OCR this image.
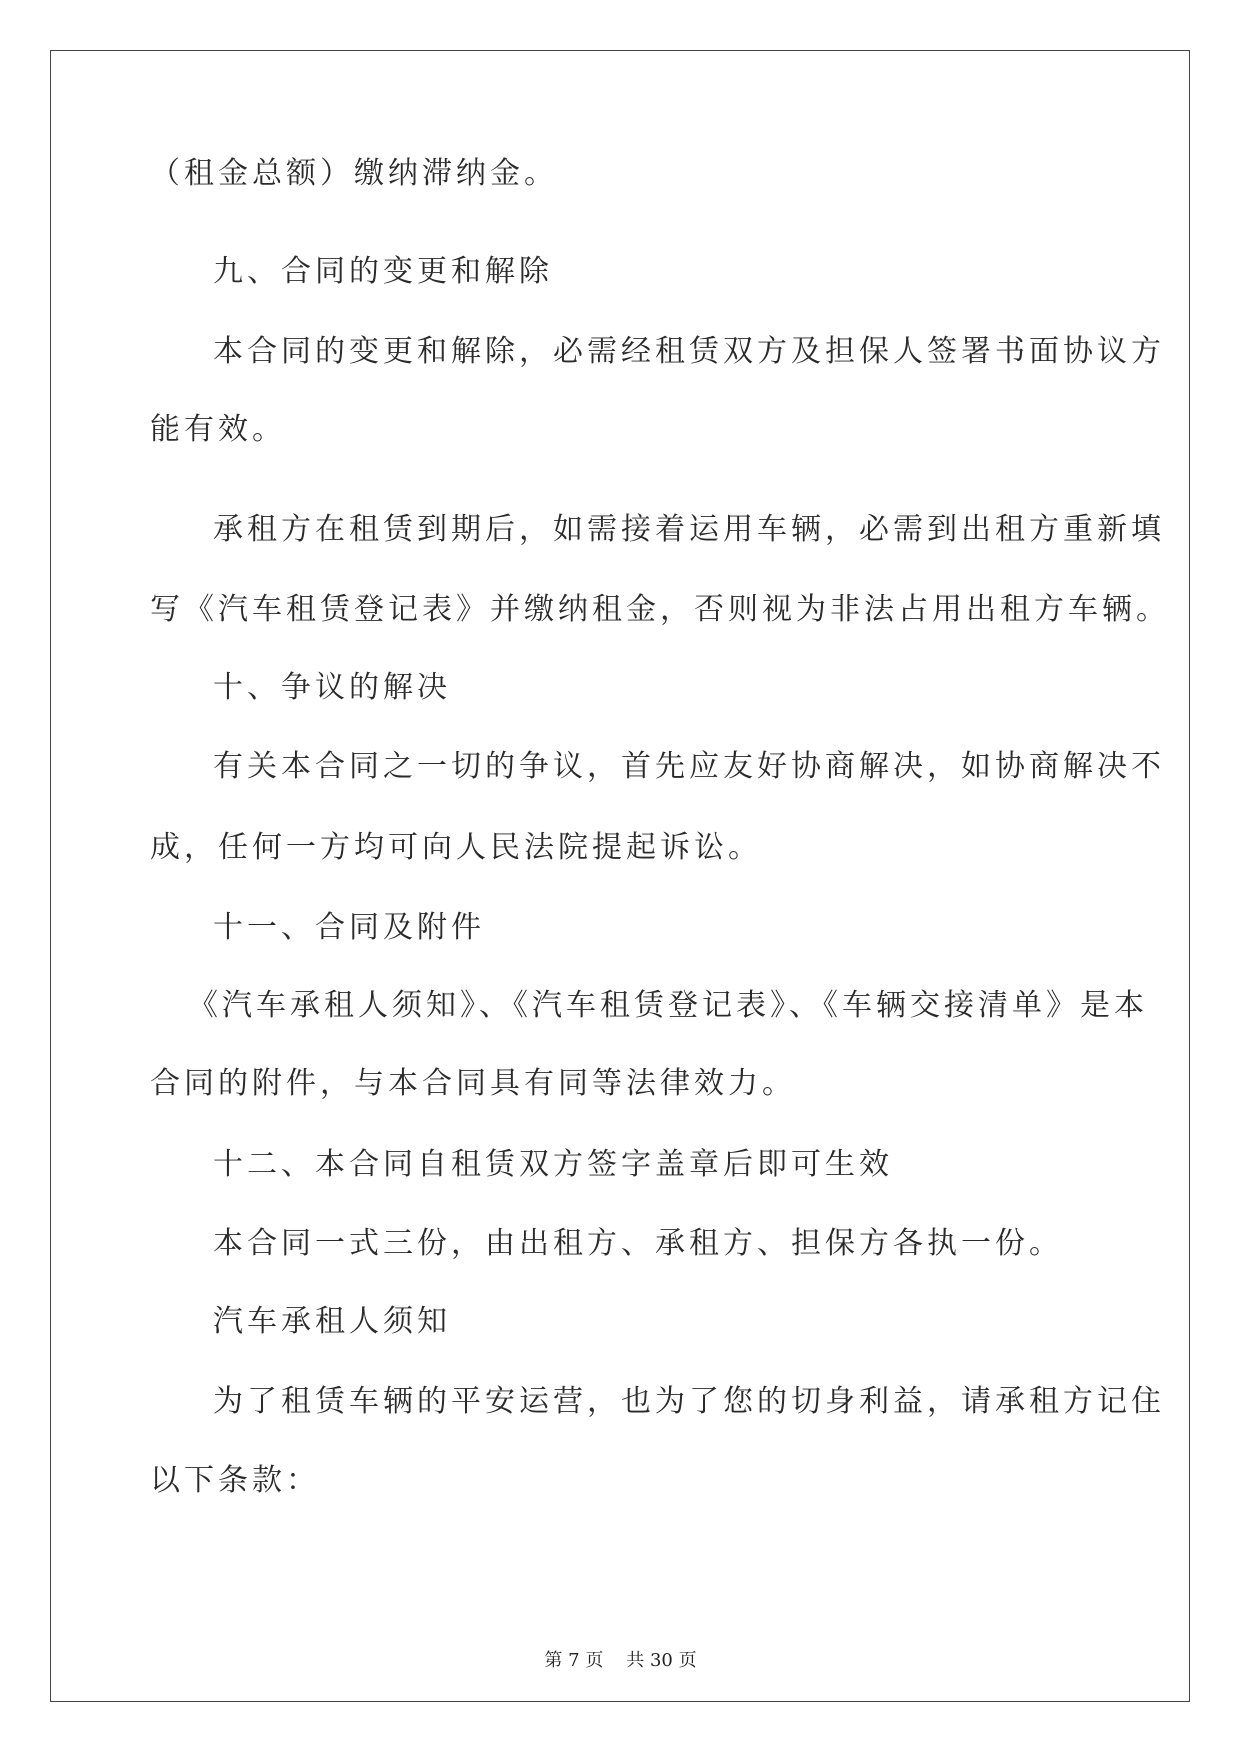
（租金总额）缴纳滞纳金。
九、合同的变更和解除
本合同的变更和解除，必需经租赁双方及担保人签署书面协议方
能有效。
承租方在租赁到期后，如需接着运用车辆，必需到出租方重新填
写《汽车租赁登记表》并缴纳租金，否则视为非法占用出租方车辆。
十、争议的解决
有关本合同之一切的争议，首先应友好协商解决，如协商解决不
成，任何一方均可向人民法院提起诉讼。
十一、合同及附件
《汽车承租人须知》、《汽车租赁登记表》、《车辆交接清单》是本
合同的附件，与本合同具有同等法律效力。
十二、本合同自租赁双方签字盖章后即可生效
本合同一式三份，由出租方、承租方、担保方各执一份。
汽车承租人须知
为了租赁车辆的平安运营，也为了您的切身利益，请承租方记住
以下条款：
第 7 页 共 30 页
